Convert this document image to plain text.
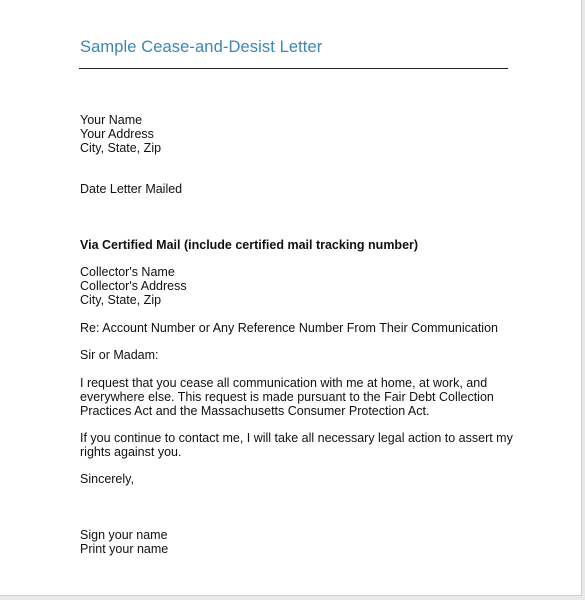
Sample Cease-and-Desist Letter
Your Name
Your Address
City, State, Zip
Date Letter Mailed
Via Certified Mail (include certified mail tracking number)
Collector's Name
Collector's Address
City, State, Zip
Re: Account Number or Any Reference Number From Their Communication
Sir or Madam:
I request that you cease all communication with me at home, at work, and
everywhere else. This request is made pursuant to the Fair Debt Collection
Practices Act and the Massachusetts Consumer Protection Act.
If you continue to contact me, I will take all necessary legal action to assert my
rights against you.
Sincerely,
Sign your name
Print your name
